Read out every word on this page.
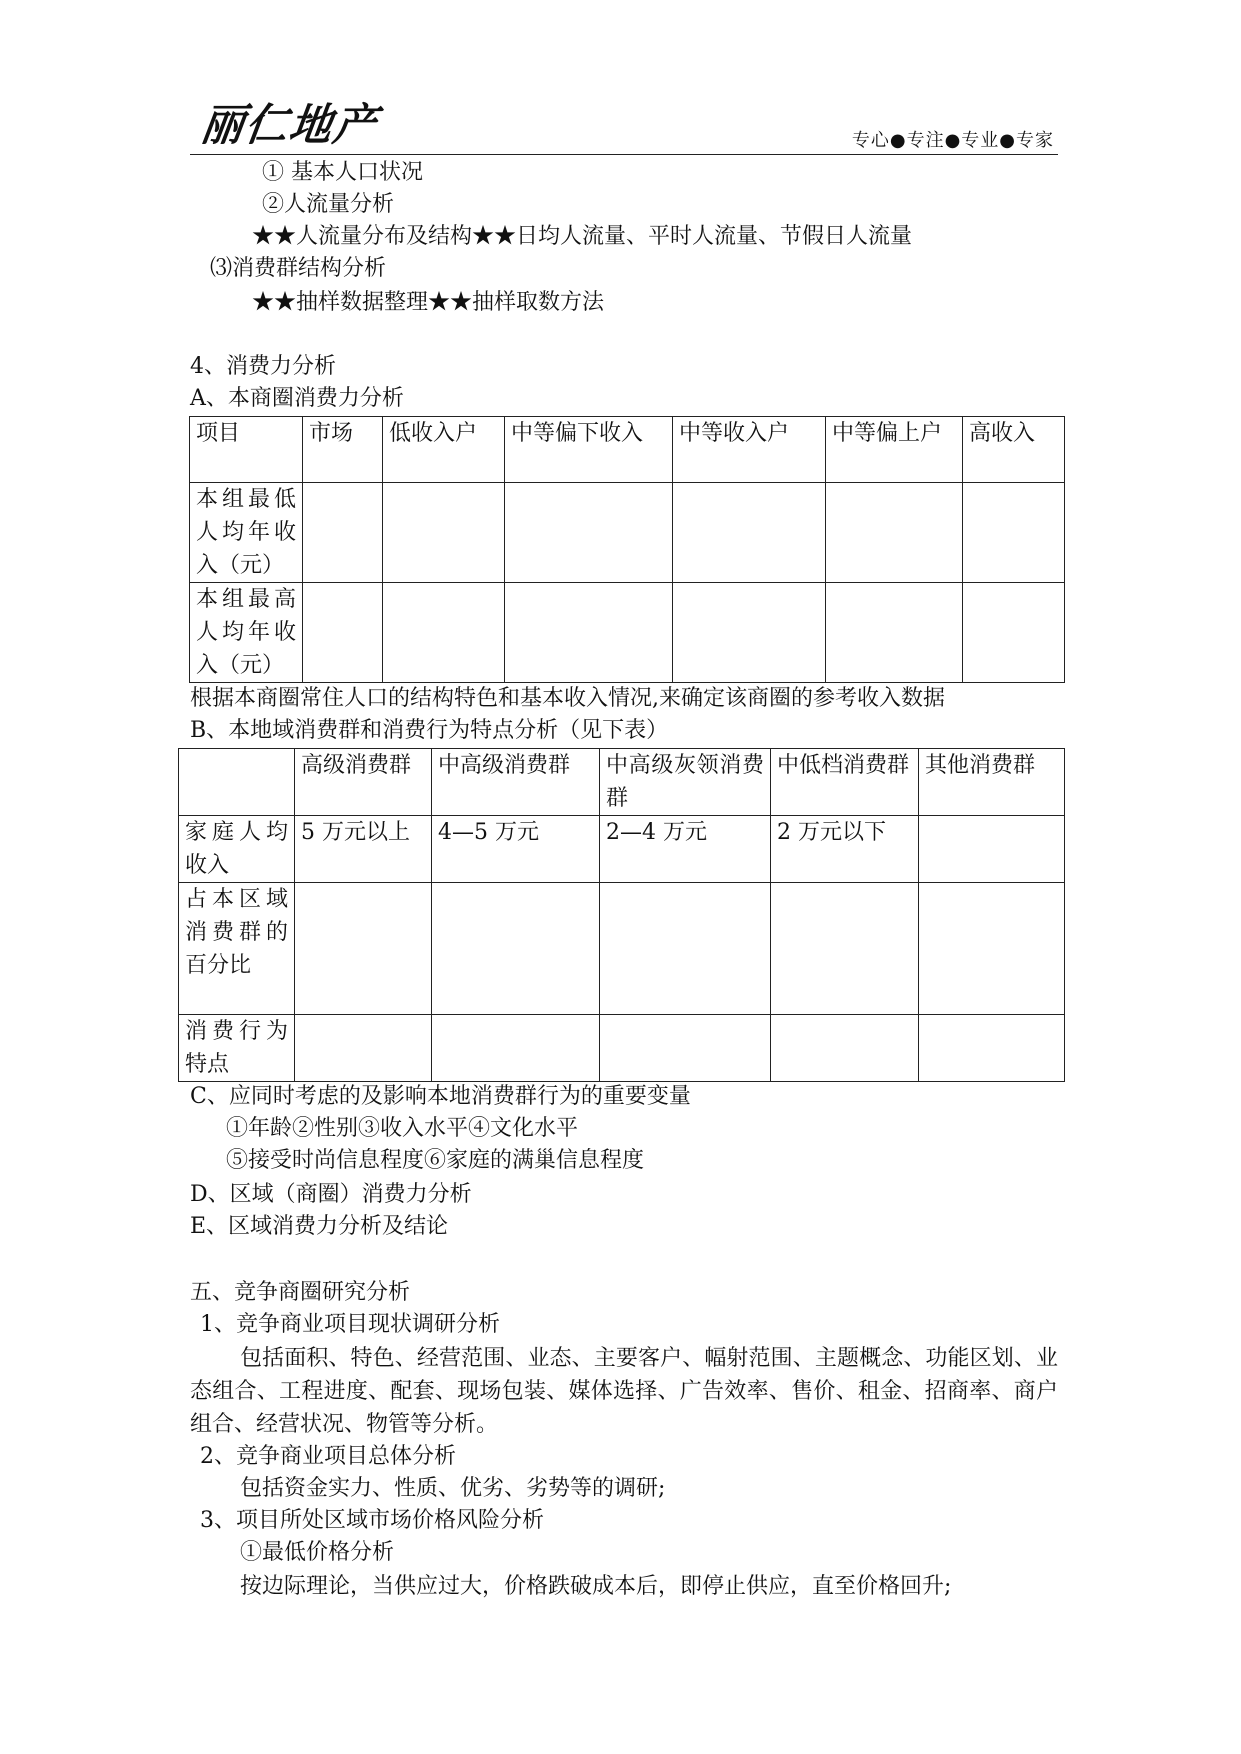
丽仁地产	专心●专注●专业●专家
① 基本人口状况
②人流量分析
★★人流量分布及结构★★日均人流量、平时人流量、节假日人流量
⑶消费群结构分析
★★抽样数据整理★★抽样取数方法
4、消费力分析
A、本商圈消费力分析
项目	市场	低收入户	中等偏下收入	中等收入户	中等偏上户	高收入
本组最低人均年收入（元）						
本组最高人均年收入（元）						
根据本商圈常住人口的结构特色和基本收入情况,来确定该商圈的参考收入数据
B、本地域消费群和消费行为特点分析（见下表）
	高级消费群	中高级消费群	中高级灰领消费群	中低档消费群	其他消费群
家庭人均收入	5 万元以上	4—5 万元	2—4 万元	2 万元以下	
占本区域消费群的百分比					
消费行为特点					
C、应同时考虑的及影响本地消费群行为的重要变量
①年龄②性别③收入水平④文化水平
⑤接受时尚信息程度⑥家庭的满巢信息程度
D、区域（商圈）消费力分析
E、区域消费力分析及结论
五、竞争商圈研究分析
1、竞争商业项目现状调研分析
包括面积、特色、经营范围、业态、主要客户、幅射范围、主题概念、功能区划、业态组合、工程进度、配套、现场包装、媒体选择、广告效率、售价、租金、招商率、商户组合、经营状况、物管等分析。
2、竞争商业项目总体分析
包括资金实力、性质、优劣、劣势等的调研;
3、项目所处区域市场价格风险分析
①最低价格分析
按边际理论，当供应过大，价格跌破成本后，即停止供应，直至价格回升;
